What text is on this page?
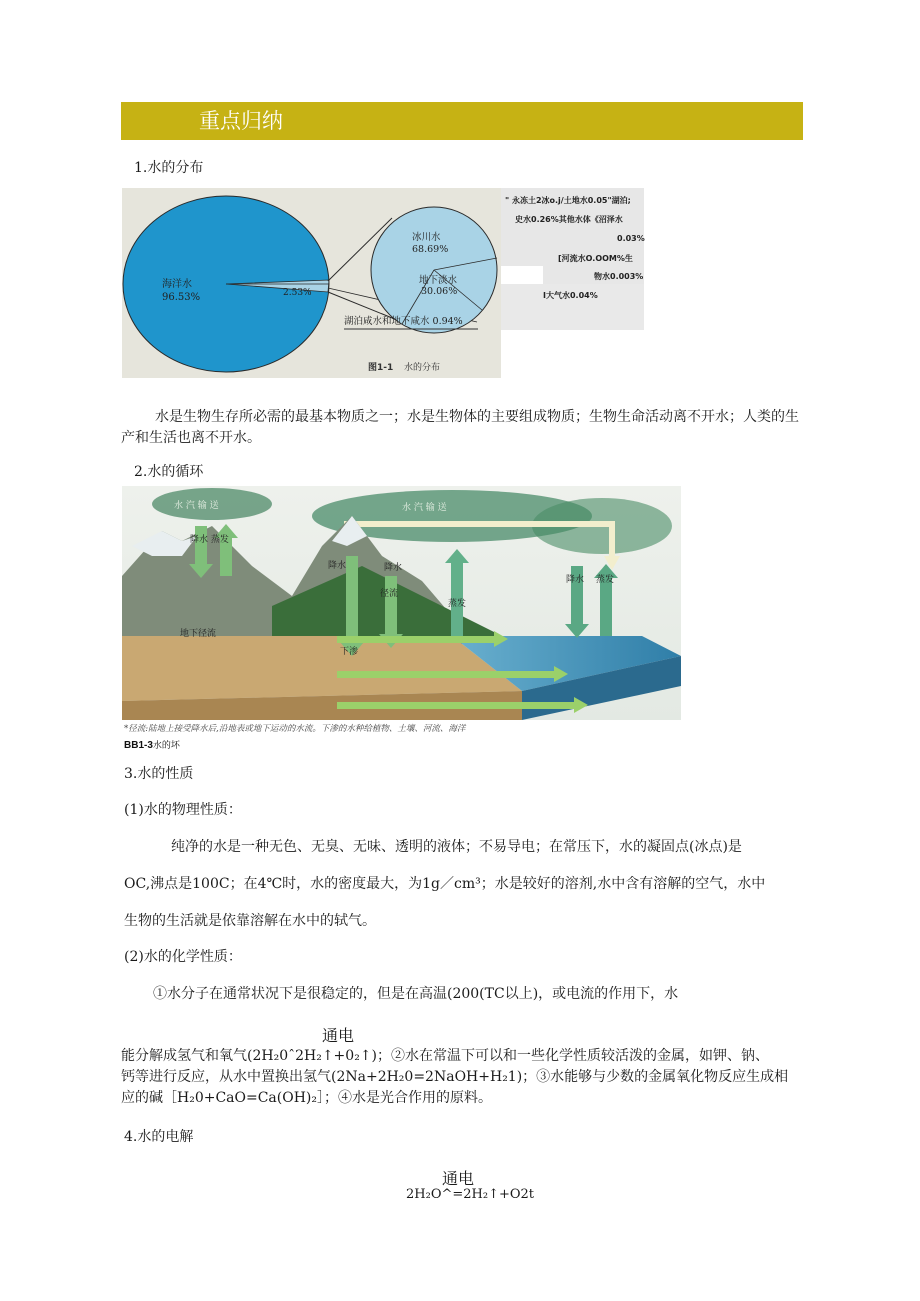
重点归纳
1.水的分布
海洋水
96.53%	2.53%
冰川水
68.69%
地下淡水
30.06%
湖泊咸水和地下咸水 0.94%
图1-1 水的分布
" 永冻土2冰o.j/土地水0.05"湖泊;
史水0.26%其他水体《沼泽水
0.03%
[河流水O.OOM%生
物水0.003%
I大气水0.04%
水是生物生存所必需的最基本物质之一；水是生物体的主要组成物质；生物生命活动离不开水；人类的生产和生活也离不开水。
2.水的循环
水 汽 输 送	水 汽 输 送
降水 蒸发
降水	降水
径流
蒸发
降水 蒸发
地下径流
下渗
*径流:陆地上接受降水后,沿地表或地下运动的水流。下渗的水种给植物、土壤、河流、海洋
BB1-3水的坏
3.水的性质
(1)水的物理性质：
纯净的水是一种无色、无臭、无味、透明的液体；不易导电；在常压下，水的凝固点(冰点)是
OC,沸点是100C；在4℃时，水的密度最大，为1g／cm³；水是较好的溶剂,水中含有溶解的空气，水中
生物的生活就是依靠溶解在水中的轼气。
(2)水的化学性质：
①水分子在通常状况下是很稳定的，但是在高温(200(TC以上)，或电流的作用下，水
通电
能分解成氢气和氧气(2H₂0ˆ2H₂↑+0₂↑)；②水在常温下可以和一些化学性质较活泼的金属，如钾、钠、
钙等进行反应，从水中置换出氢气(2Na+2H₂0=2NaOH+H₂1)；③水能够与少数的金属氧化物反应生成相
应的碱［H₂0+CaO=Ca(OH)₂］；④水是光合作用的原料。
4.水的电解
通电
2H₂O^=2H₂↑+O2t
